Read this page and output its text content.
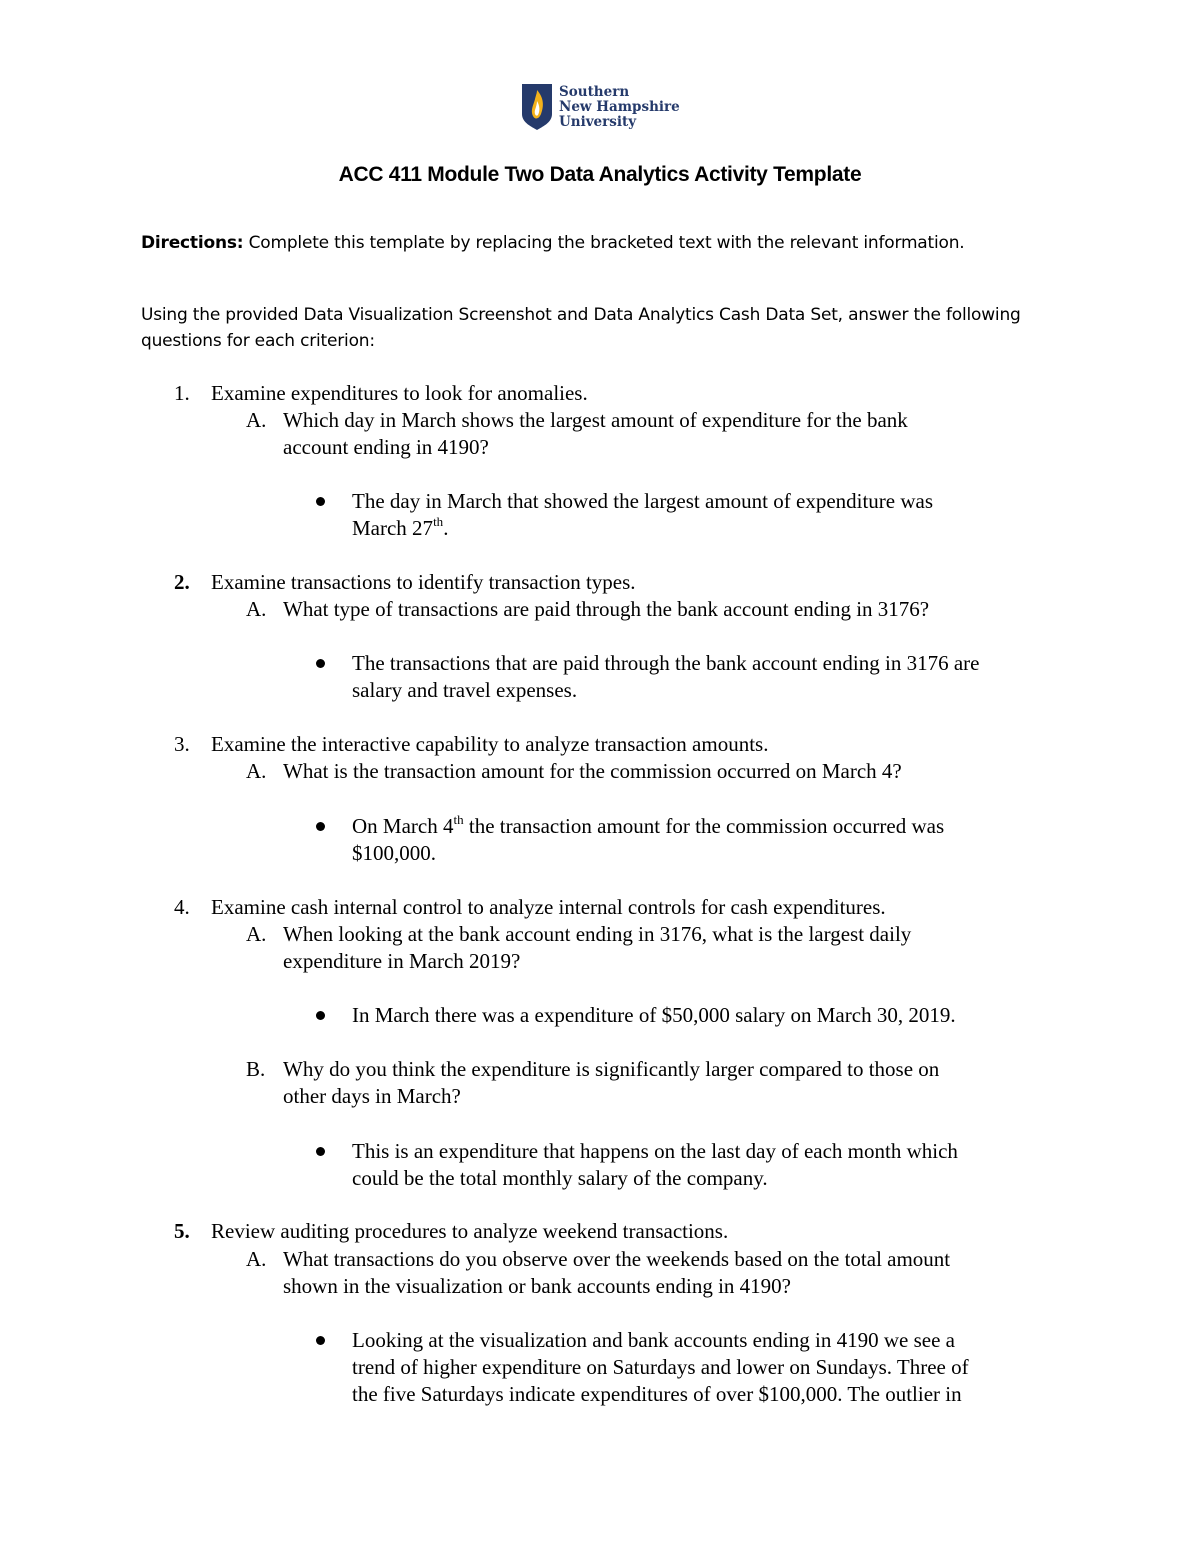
Southern
New Hampshire
University
ACC 411 Module Two Data Analytics Activity Template
Directions: Complete this template by replacing the bracketed text with the relevant information.
Using the provided Data Visualization Screenshot and Data Analytics Cash Data Set, answer the following
questions for each criterion:
1. Examine expenditures to look for anomalies.
A. Which day in March shows the largest amount of expenditure for the bank
account ending in 4190?
The day in March that showed the largest amount of expenditure was
March 27th.
2. Examine transactions to identify transaction types.
A. What type of transactions are paid through the bank account ending in 3176?
The transactions that are paid through the bank account ending in 3176 are
salary and travel expenses.
3. Examine the interactive capability to analyze transaction amounts.
A. What is the transaction amount for the commission occurred on March 4?
On March 4th the transaction amount for the commission occurred was
$100,000.
4. Examine cash internal control to analyze internal controls for cash expenditures.
A. When looking at the bank account ending in 3176, what is the largest daily
expenditure in March 2019?
In March there was a expenditure of $50,000 salary on March 30, 2019.
B. Why do you think the expenditure is significantly larger compared to those on
other days in March?
This is an expenditure that happens on the last day of each month which
could be the total monthly salary of the company.
5. Review auditing procedures to analyze weekend transactions.
A. What transactions do you observe over the weekends based on the total amount
shown in the visualization or bank accounts ending in 4190?
Looking at the visualization and bank accounts ending in 4190 we see a
trend of higher expenditure on Saturdays and lower on Sundays. Three of
the five Saturdays indicate expenditures of over $100,000. The outlier in
